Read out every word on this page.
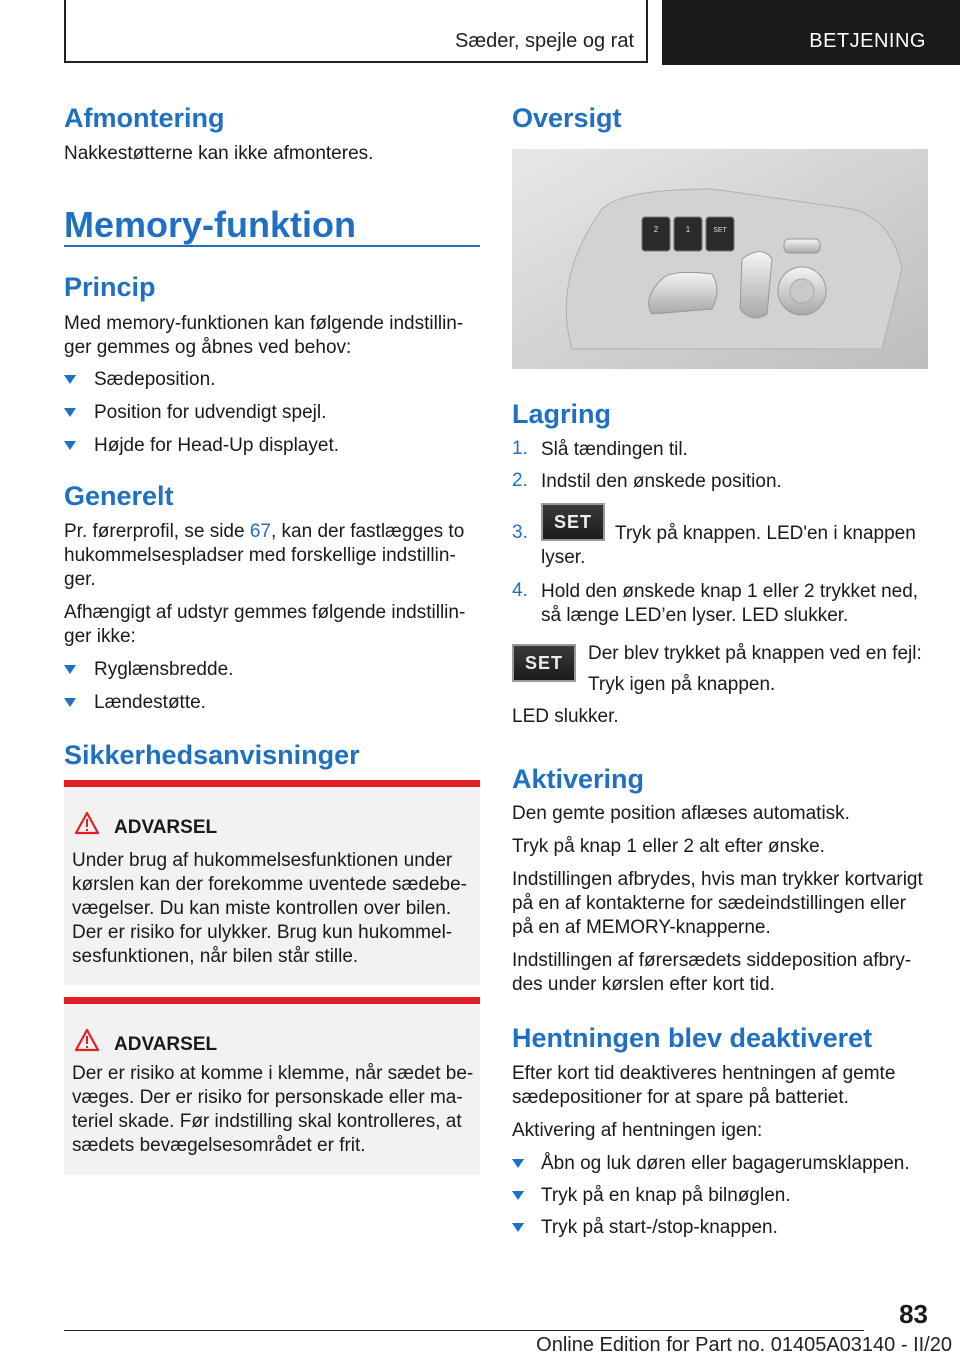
Sæder, spejle og rat	BETJENING
Afmontering

Nakkestøtterne kan ikke afmonteres.

Memory-funktion
Princip

Med memory-funktionen kan følgende indstillin-

ger gemmes og åbnes ved behov:

Sædeposition.

Position for udvendigt spejl.

Højde for Head-Up displayet.

Generelt

Pr. førerprofil, se side 67, kan der fastlægges to

hukommelsespladser med forskellige indstillin-

ger.

Afhængigt af udstyr gemmes følgende indstillin-

ger ikke:

Ryglænsbredde.

Lændestøtte.

Sikkerhedsanvisninger
ADVARSEL
Under brug af hukommelsesfunktionen under
kørslen kan der forekomme uventede sædebe-
vægelser. Du kan miste kontrollen over bilen.
Der er risiko for ulykker. Brug kun hukommel-
sesfunktionen, når bilen står stille.
ADVARSEL
Der er risiko at komme i klemme, når sædet be-
væges. Der er risiko for personskade eller ma-
teriel skade. Før indstilling skal kontrolleres, at
sædets bevægelsesområdet er frit.
Oversigt
2	1	SET
Lagring
1. Slå tændingen til.

2. Indstil den ønskede position.

3.	SET

Tryk på knappen. LED'en i knappen

lyser.

4. Hold den ønskede knap 1 eller 2 trykket ned,

så længe LED’en lyser. LED slukker.

SET	Der blev trykket på knappen ved en fejl:

Tryk igen på knappen.

LED slukker.

Aktivering

Den gemte position aflæses automatisk.

Tryk på knap 1 eller 2 alt efter ønske.

Indstillingen afbrydes, hvis man trykker kortvarigt

på en af kontakterne for sædeindstillingen eller

på en af MEMORY-knapperne.

Indstillingen af førersædets siddeposition afbry-

des under kørslen efter kort tid.

Hentningen blev deaktiveret

Efter kort tid deaktiveres hentningen af gemte

sædepositioner for at spare på batteriet.

Aktivering af hentningen igen:

Åbn og luk døren eller bagagerumsklappen.

Tryk på en knap på bilnøglen.

Tryk på start-/stop-knappen.

83
Online Edition for Part no. 01405A03140 - II/20
